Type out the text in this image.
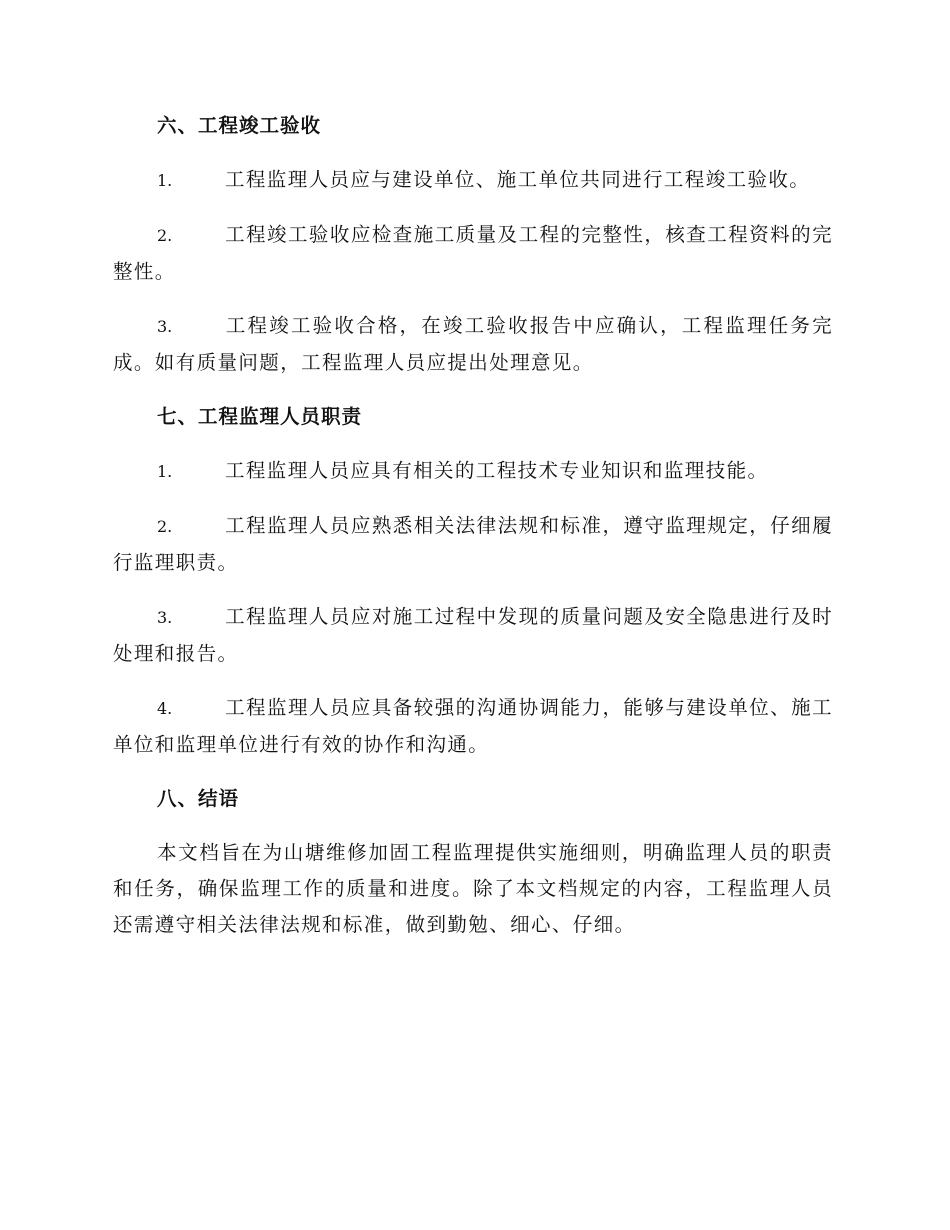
六、工程竣工验收

1.	工程监理人员应与建设单位、施工单位共同进行工程竣工验收。

2.	工程竣工验收应检查施工质量及工程的完整性，核查工程资料的完整性。

3.	工程竣工验收合格，在竣工验收报告中应确认，工程监理任务完成。如有质量问题，工程监理人员应提出处理意见。

七、工程监理人员职责

1.	工程监理人员应具有相关的工程技术专业知识和监理技能。

2.	工程监理人员应熟悉相关法律法规和标准，遵守监理规定，仔细履行监理职责。

3.	工程监理人员应对施工过程中发现的质量问题及安全隐患进行及时处理和报告。

4.	工程监理人员应具备较强的沟通协调能力，能够与建设单位、施工单位和监理单位进行有效的协作和沟通。

八、结语

本文档旨在为山塘维修加固工程监理提供实施细则，明确监理人员的职责和任务，确保监理工作的质量和进度。除了本文档规定的内容，工程监理人员还需遵守相关法律法规和标准，做到勤勉、细心、仔细。
